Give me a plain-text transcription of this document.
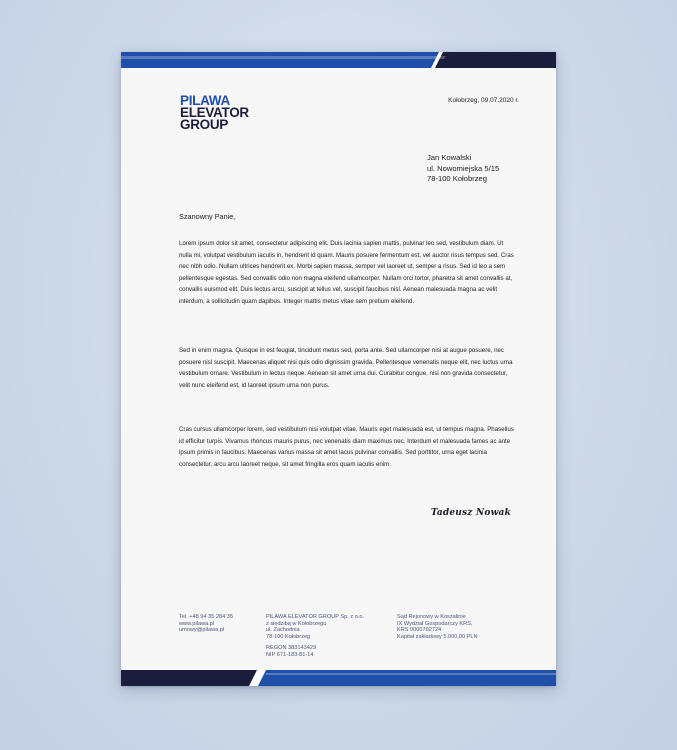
PILAWA
ELEVATOR
GROUP
Kołobrzeg, 09.07.2020 r.
Jan Kowalski
ul. Nowomiejska 5/15
78-100 Kołobrzeg
Szanowny Panie,

Lorem ipsum dolor sit amet, consectetur adipiscing elit. Duis lacinia sapien mattis, pulvinar leo sed, vestibulum diam. Ut nulla mi, volutpat vestibulum iaculis in, hendrerit id quam. Mauris posuere fermentum est, vel auctor risus tempus sed. Cras nec nibh odio. Nullam ultrices hendrerit ex. Morbi sapien massa, semper vel laoreet ut, semper a risus. Sed id leo a sem pellentesque egestas. Sed convallis odio non magna eleifend ullamcorper. Nullam orci tortor, pharetra sit amet convallis at, convallis euismod elit. Duis lectus arcu, suscipit at tellus vel, suscipit faucibus nisl. Aenean malesuada magna ac velit interdum, a sollicitudin quam dapibus. Integer mattis metus vitae sem pretium eleifend.

Sed in enim magna. Quisque in est feugiat, tincidunt metus sed, porta ante. Sed ullamcorper nisi at augue posuere, nec posuere nisl suscipit. Maecenas aliquet nisi quis odio dignissim gravida. Pellentesque venenatis neque elit, nec luctus urna vestibulum ornare. Vestibulum in lectus neque. Aenean sit amet urna dui. Curabitur congue, nisi non gravida consectetur, velit nunc eleifend est, id laoreet ipsum urna non purus.

Cras cursus ullamcorper lorem, sed vestibulum nisi volutpat vitae. Mauris eget malesuada est, ut tempus magna. Phasellus id efficitur turpis. Vivamus rhoncus mauris purus, nec venenatis diam maximus nec. Interdum et malesuada fames ac ante ipsum primis in faucibus. Maecenas varius massa sit amet lacus pulvinar convallis. Sed porttitor, urna eget lacinia consectetur, arcu arcu laoreet neque, sit amet fringilla eros quam iaculis enim.

Tadeusz Nowak
Tel. +48 94 35 284 35
www.pilawa.pl
umowy@pilawa.pl
PILAWA ELEVATOR GROUP Sp. z o.o.
z siedzibą w Kołobrzegu
ul. Zachodnia
78-100 Kołobrzeg
REGON 383143429
NIP 671-183-81-14
Sąd Rejonowy w Koszalinie
IX Wydział Gospodarczy KRS,
KRS 0000792724
Kapitał zakładowy 5.000,00 PLN
